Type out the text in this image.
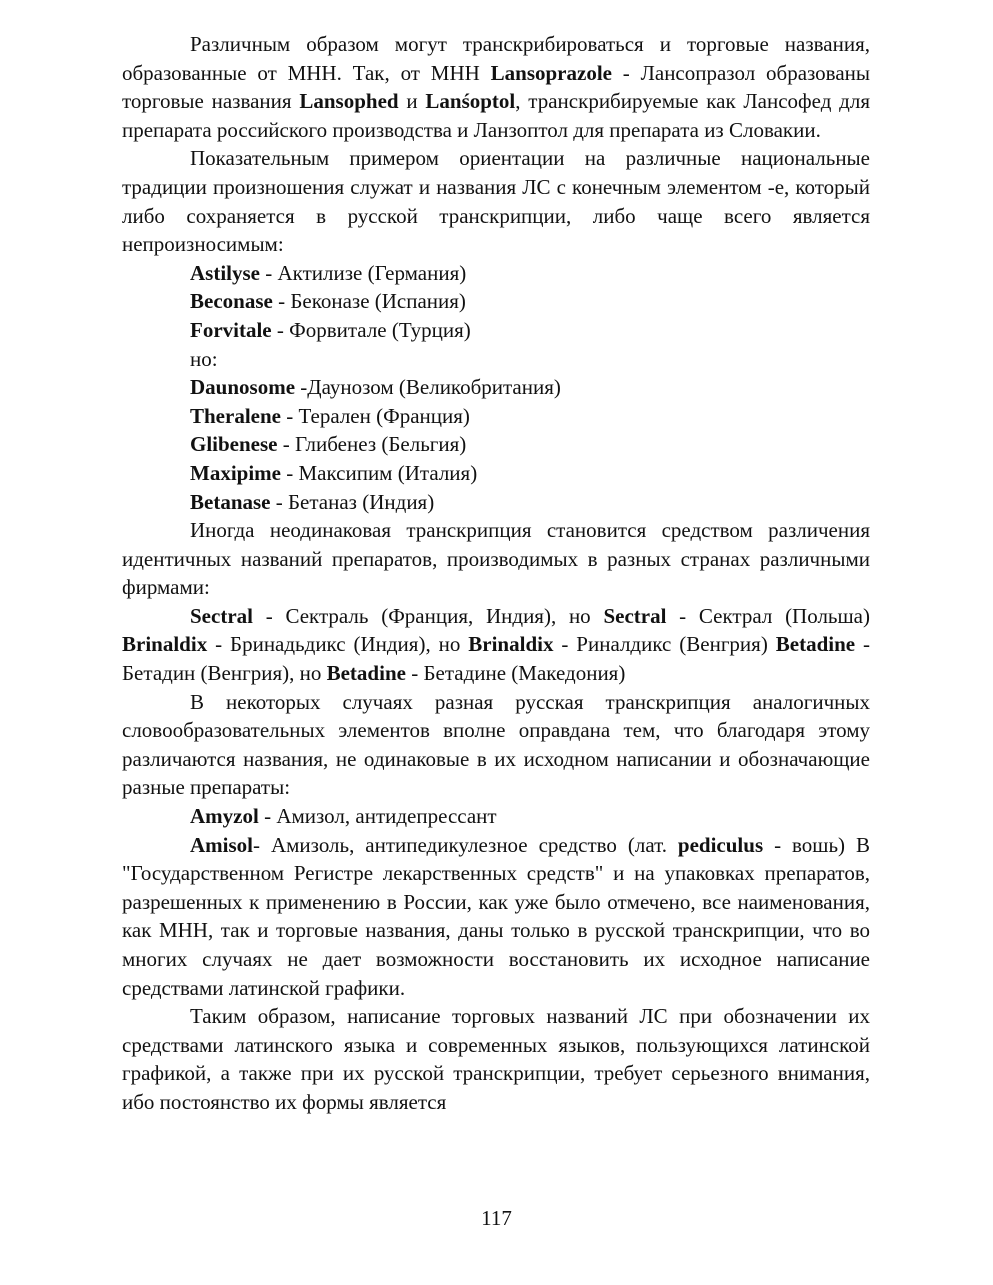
Различным образом могут транскрибироваться и торговые названия, образованные от МНН. Так, от МНН Lansoprazole - Лансопразол образованы торговые названия Lansophed и Lanśoptol, транскрибируемые как Лансофед для препарата российского производства и Ланзоптол для препарата из Словакии.

Показательным примером ориентации на различные национальные традиции произношения служат и названия ЛС с конечным элементом -е, который либо сохраняется в русской транскрипции, либо чаще всего является непроизносимым:

Astilyse - Актилизе (Германия)

Beconase - Беконазе (Испания)

Forvitale - Форвитале (Турция)

но:

Daunosome -Даунозом (Великобритания)

Theralene - Терален (Франция)

Glibenese - Глибенез (Бельгия)

Maxipime - Максипим (Италия)

Betanase - Бетаназ (Индия)

Иногда неодинаковая транскрипция становится средством различения идентичных названий препаратов, производимых в разных странах различными фирмами:

Sectral - Сектраль (Франция, Индия), но Sectral - Сектрал (Польша) Brinaldix - Бринадьдикс (Индия), но Brinaldix - Риналдикс (Венгрия) Betadine - Бетадин (Венгрия), но Betadine - Бетадине (Македония)

В некоторых случаях разная русская транскрипция аналогичных словообразовательных элементов вполне оправдана тем, что благодаря этому различаются названия, не одинаковые в их исходном написании и обозначающие разные препараты:

Amyzol - Амизол, антидепрессант

Amisol- Амизоль, антипедикулезное средство (лат. pediculus - вошь) В "Государственном Регистре лекарственных средств" и на упаковках препаратов, разрешенных к применению в России, как уже было отмечено, все наименования, как МНН, так и торговые названия, даны только в русской транскрипции, что во многих случаях не дает возможности восстановить их исходное написание средствами латинской графики.

Таким образом, написание торговых названий ЛС при обозначении их средствами латинского языка и современных языков, пользующихся латинской графикой, а также при их русской транскрипции, требует серьезного внимания, ибо постоянство их формы является

117
